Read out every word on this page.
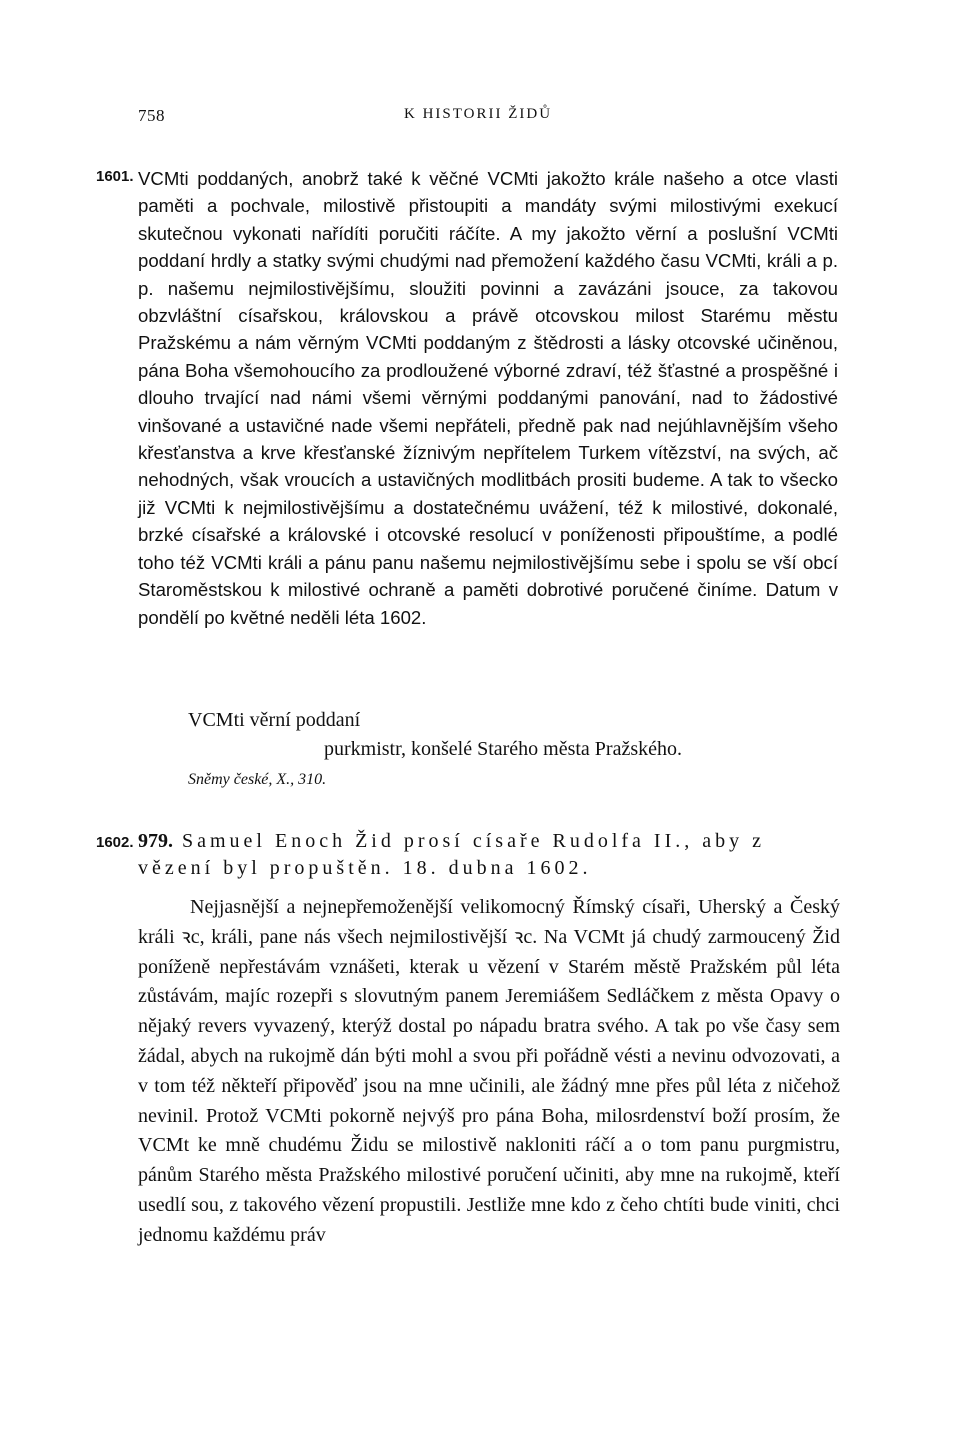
758	K HISTORII ŽIDŮ
1601. VCMti poddaných, anobrž také k věčné VCMti jakožto krále našeho a otce vlasti paměti a pochvale, milostivě přistoupiti a mandáty svými milostivými exekucí skutečnou vykonati nařídíti poručiti ráčíte. A my jakožto věrní a poslušní VCMti poddaní hrdly a statky svými chudými nad přemožení každého času VCMti, králi a p. p. našemu nejmilostivějšímu, sloužiti povinni a zavázáni jsouce, za takovou obzvláštní císařskou, královskou a právě otcovskou milost Starému městu Pražskému a nám věrným VCMti poddaným z štědrosti a lásky otcovské učiněnou, pána Boha všemohoucího za prodloužené výborné zdraví, též šťastné a prospěšné i dlouho trvající nad námi všemi věrnými poddanými panování, nad to žádostivé vinšované a ustavičné nade všemi nepřáteli, předně pak nad nejúhlavnějším všeho křesťanstva a krve křesťanské žíznivým nepřítelem Turkem vítězství, na svých, ač nehodných, však vroucích a ustavičných modlitbách prositi budeme. A tak to všecko již VCMti k nejmilostivějšímu a dostatečnému uvážení, též k milostivé, dokonalé, brzké císařské a královské i otcovské resolucí v poníženosti připouštíme, a podlé toho též VCMti králi a pánu panu našemu nejmilostivějšímu sebe i spolu se vší obcí Staroměstskou k milostivé ochraně a paměti dobrotivé poručené činíme. Datum v pondělí po květné neděli léta 1602.

VCMti věrní poddaní

purkmistr, konšelé Starého města Pražského.

Sněmy české, X., 310.
1602. 979. Samuel Enoch Žid prosí císaře Rudolfa II., aby z vězení byl propuštěn. 18. dubna 1602.

Nejjasnější a nejnepřemoženější velikomocný Římský císaři, Uherský a Český králi ꝛc, králi, pane nás všech nejmilostivější ꝛc. Na VCMt já chudý zarmoucený Žid poníženě nepřestávám vznášeti, kterak u vězení v Starém městě Pražském půl léta zůstávám, majíc rozepři s slovutným panem Jeremiášem Sedláčkem z města Opavy o nějaký revers vyvazený, kterýž dostal po nápadu bratra svého. A tak po vše časy sem žádal, abych na rukojmě dán býti mohl a svou při pořádně vésti a nevinu odvozovati, a v tom též někteří připověď jsou na mne učinili, ale žádný mne přes půl léta z ničehož nevinil. Protož VCMti pokorně nejvýš pro pána Boha, milosrdenství boží prosím, že VCMt ke mně chudému Židu se milostivě nakloniti ráčí a o tom panu purgmistru, pánům Starého města Pražského milostivé poručení učiniti, aby mne na rukojmě, kteří usedlí sou, z takového vězení propustili. Jestliže mne kdo z čeho chtíti bude viniti, chci jednomu každému práv
